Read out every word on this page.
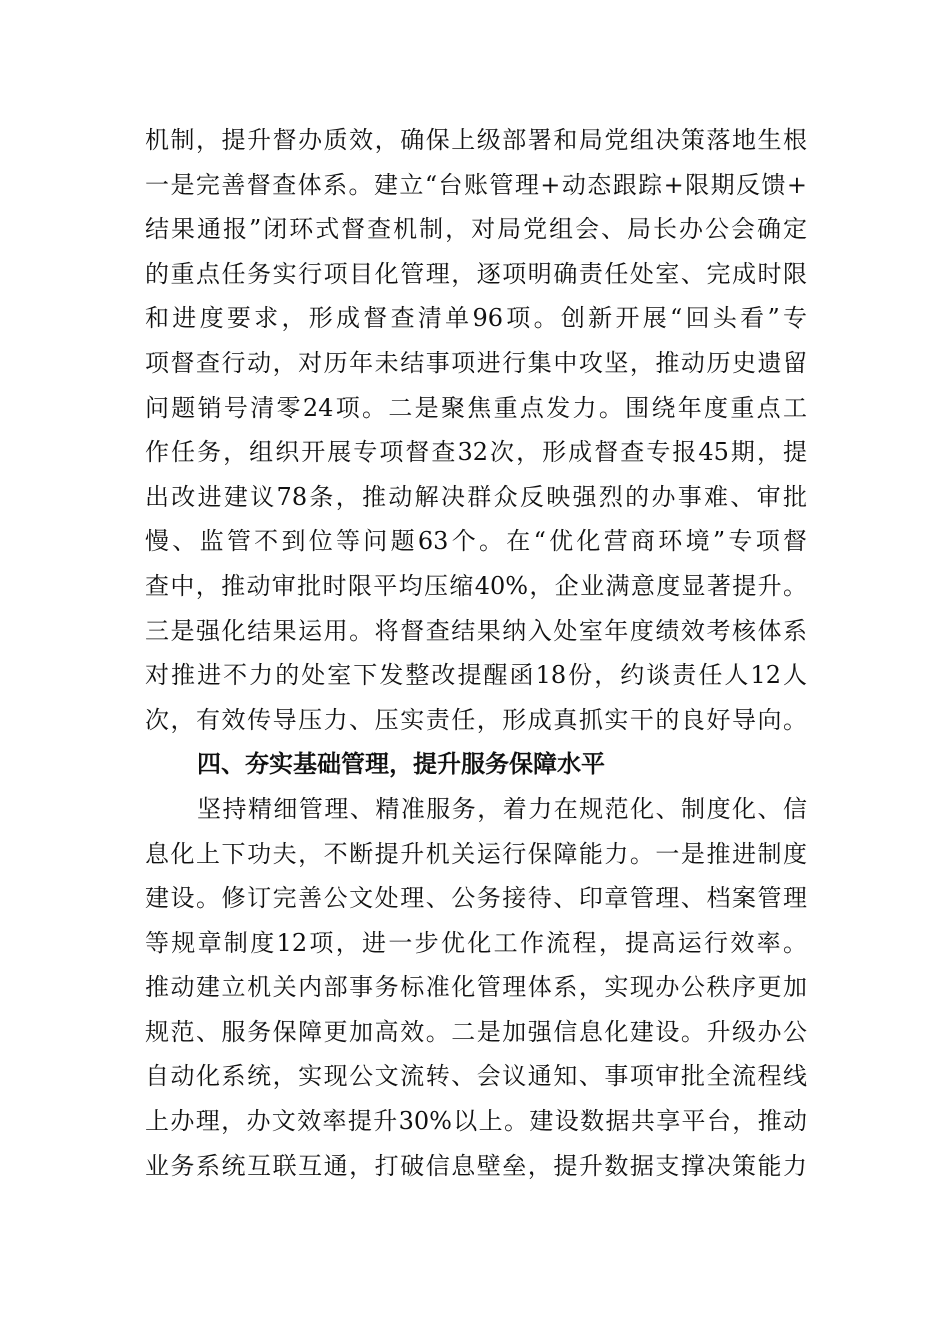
机制，提升督办质效，确保上级部署和局党组决策落地生根
一是完善督查体系。建立“台账管理+动态跟踪+限期反馈+
结果通报”闭环式督查机制，对局党组会、局长办公会确定
的重点任务实行项目化管理，逐项明确责任处室、完成时限
和进度要求，形成督查清单96项。创新开展“回头看”专
项督查行动，对历年未结事项进行集中攻坚，推动历史遗留
问题销号清零24项。二是聚焦重点发力。围绕年度重点工
作任务，组织开展专项督查32次，形成督查专报45期，提
出改进建议78条，推动解决群众反映强烈的办事难、审批
慢、监管不到位等问题63个。在“优化营商环境”专项督
查中，推动审批时限平均压缩40%，企业满意度显著提升。
三是强化结果运用。将督查结果纳入处室年度绩效考核体系
对推进不力的处室下发整改提醒函18份，约谈责任人12人
次，有效传导压力、压实责任，形成真抓实干的良好导向。
四、夯实基础管理，提升服务保障水平
坚持精细管理、精准服务，着力在规范化、制度化、信
息化上下功夫，不断提升机关运行保障能力。一是推进制度
建设。修订完善公文处理、公务接待、印章管理、档案管理
等规章制度12项，进一步优化工作流程，提高运行效率。
推动建立机关内部事务标准化管理体系，实现办公秩序更加
规范、服务保障更加高效。二是加强信息化建设。升级办公
自动化系统，实现公文流转、会议通知、事项审批全流程线
上办理，办文效率提升30%以上。建设数据共享平台，推动
业务系统互联互通，打破信息壁垒，提升数据支撑决策能力
